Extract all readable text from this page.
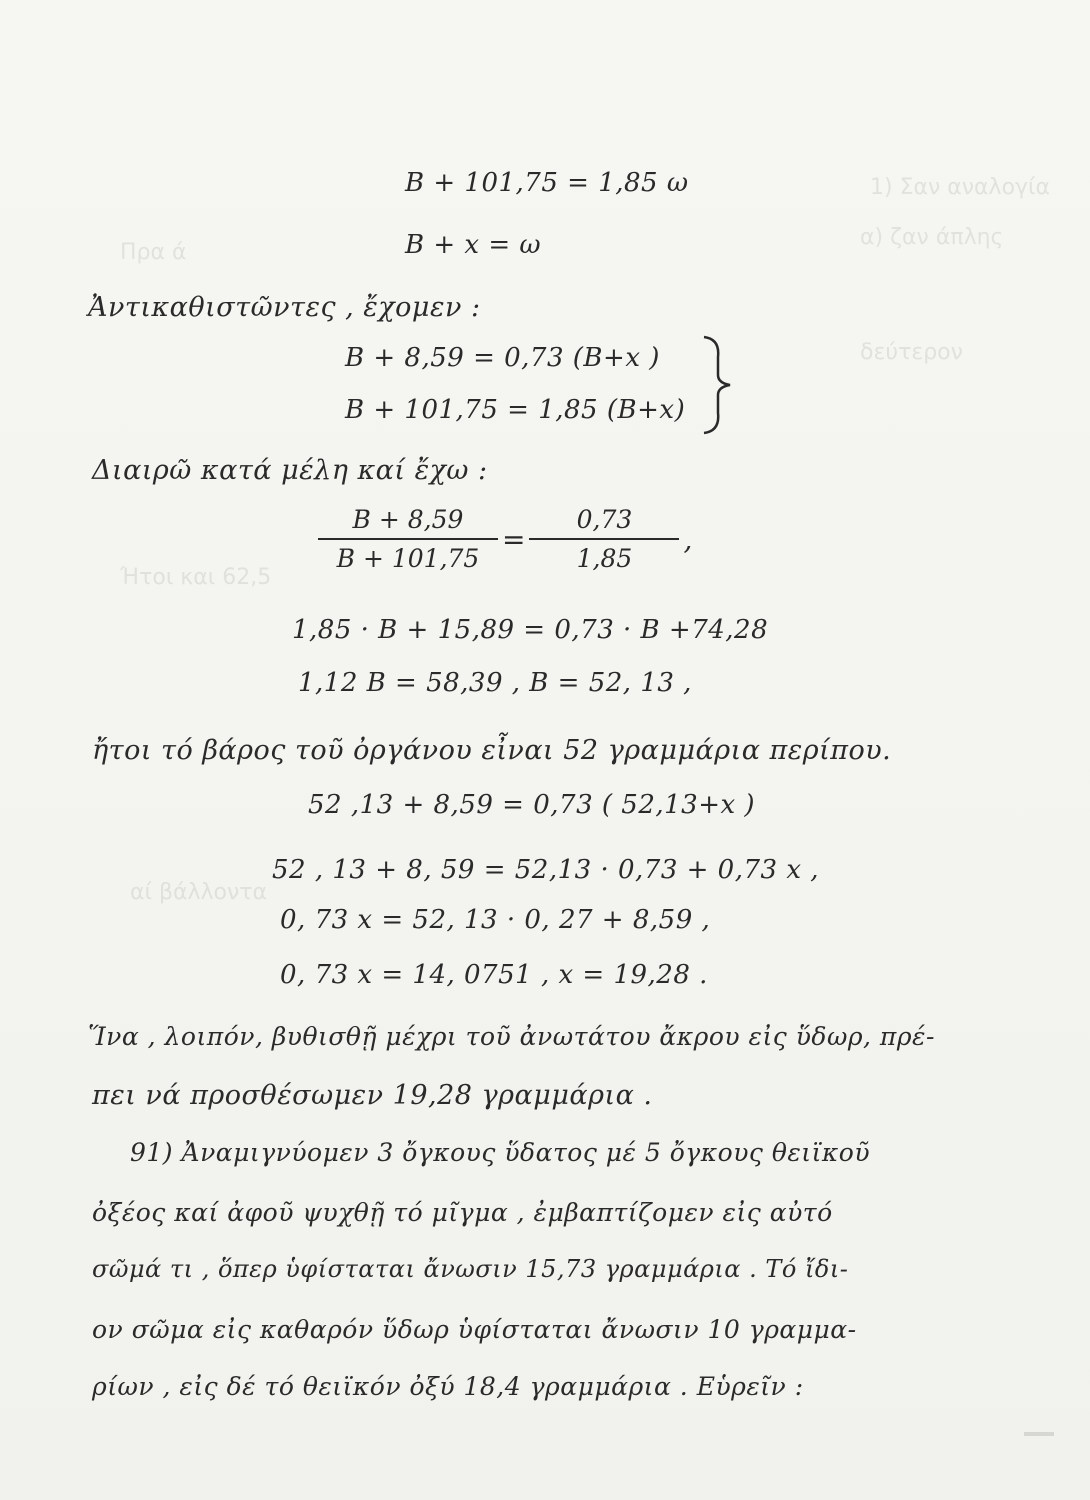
1) Σαν αναλογία
α) ζαν άπλης
Πρα ά
δεύτερον
Ήτοι και 62,5
αί βάλλοντα
B + 101,75 = 1,85 ω
B + x = ω
Ἀντικαθιστῶντες , ἔχομεν :
B + 8,59 = 0,73 (B+x )
B + 101,75 = 1,85 (B+x)
Διαιρῶ κατά μέλη καί ἔχω :
$\frac{B + 8,59}{B + 101,75} = \frac{0,73}{1,85}$ ,
1,85 · B + 15,89 = 0,73 · B +74,28
1,12 B = 58,39 , B = 52, 13 ,
ἤτοι τό βάρος τοῦ ὀργάνου εἶναι 52 γραμμάρια περίπου.
52 ,13 + 8,59 = 0,73 ( 52,13+x )
52 , 13 + 8, 59 = 52,13 · 0,73 + 0,73 x ,
0, 73 x = 52, 13 · 0, 27 + 8,59 ,
0, 73 x = 14, 0751 , x = 19,28 .
Ἵνα , λοιπόν, βυθισθῇ μέχρι τοῦ ἀνωτάτου ἄκρου εἰς ὕδωρ, πρέ-
πει νά προσθέσωμεν 19,28 γραμμάρια .
91) Ἀναμιγνύομεν 3 ὄγκους ὕδατος μέ 5 ὄγκους θειϊκοῦ
ὀξέος καί ἀφοῦ ψυχθῇ τό μῖγμα , ἐμβαπτίζομεν εἰς αὐτό
σῶμά τι , ὅπερ ὑφίσταται ἄνωσιν 15,73 γραμμάρια . Τό ἴδι-
ον σῶμα εἰς καθαρόν ὕδωρ ὑφίσταται ἄνωσιν 10 γραμμα-
ρίων , εἰς δέ τό θειϊκόν ὀξύ 18,4 γραμμάρια . Εὑρεῖν :
